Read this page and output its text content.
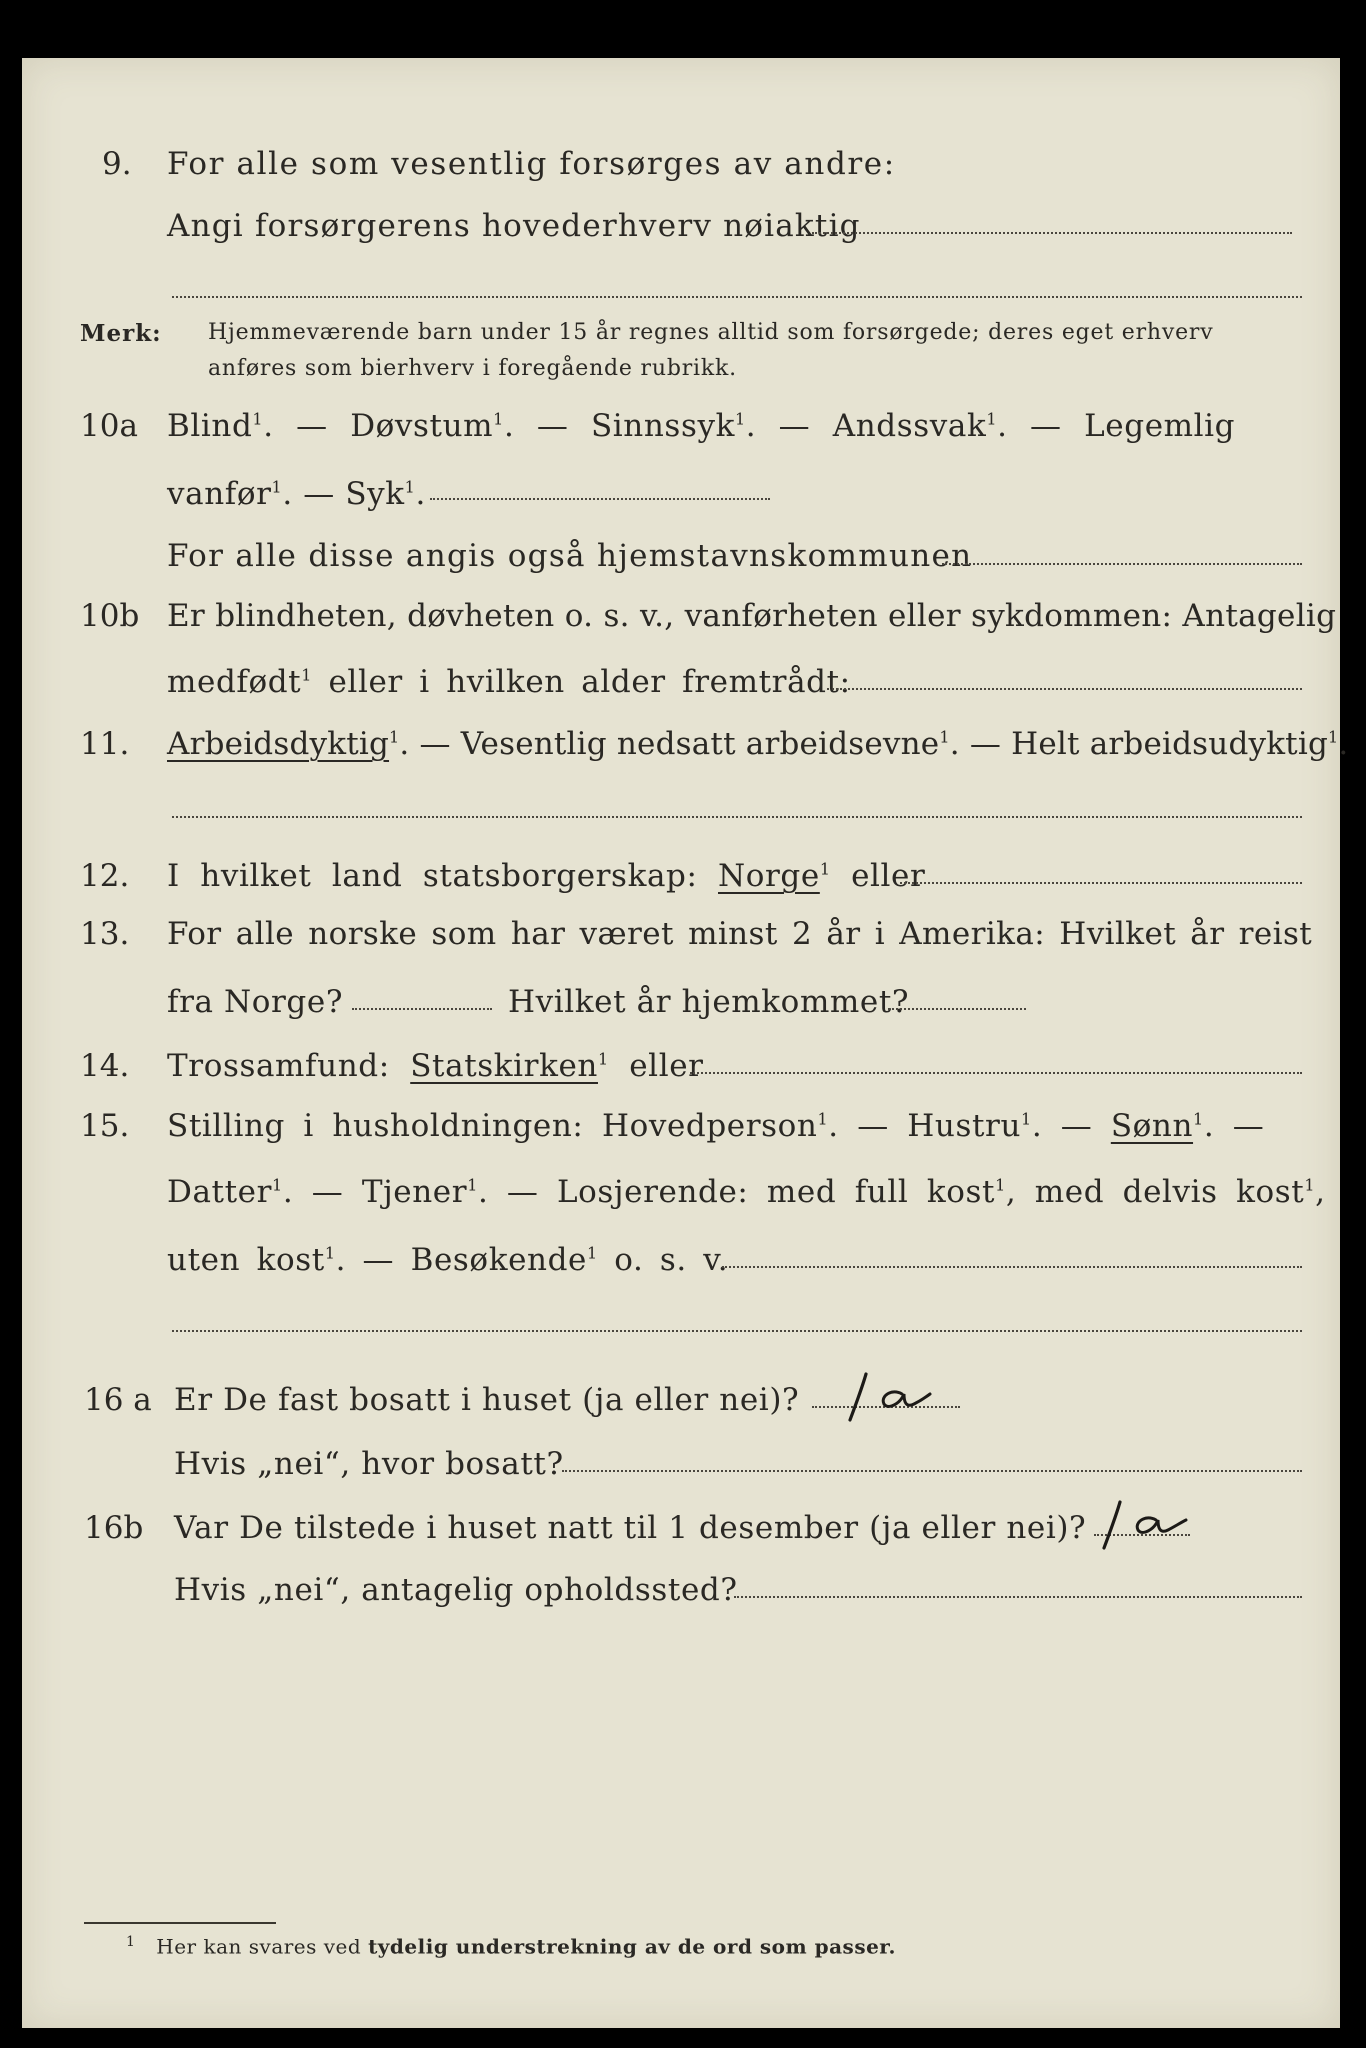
9. For alle som vesentlig forsørges av andre:
Angi forsørgerens hovederhverv nøiaktig
Merk: Hjemmeværende barn under 15 år regnes alltid som forsørgede; deres eget erhverv
anføres som bierhverv i foregående rubrikk.
10a Blind$^1$. — Døvstum$^1$. — Sinnssyk$^1$. — Andssvak$^1$. — Legemlig
vanfør$^1$. — Syk$^1$.
For alle disse angis også hjemstavnskommunen
10b Er blindheten, døvheten o. s. v., vanførheten eller sykdommen: Antagelig
medfødt$^1$ eller i hvilken alder fremtrådt:
11. Arbeidsdyktig$^1$. — Vesentlig nedsatt arbeidsevne$^1$. — Helt arbeidsudyktig$^1$.
12. I hvilket land statsborgerskap: Norge$^1$ eller
13. For alle norske som har været minst 2 år i Amerika: Hvilket år reist
fra Norge?	Hvilket år hjemkommet?
14. Trossamfund: Statskirken$^1$ eller
15. Stilling i husholdningen: Hovedperson$^1$. — Hustru$^1$. — Sønn$^1$. —
Datter$^1$. — Tjener$^1$. — Losjerende: med full kost$^1$, med delvis kost$^1$,
uten kost$^1$. — Besøkende$^1$ o. s. v.
16 a Er De fast bosatt i huset (ja eller nei)?
Hvis „nei“, hvor bosatt?
16b Var De tilstede i huset natt til 1 desember (ja eller nei)?
Hvis „nei“, antagelig opholdssted?
$^1$ Her kan svares ved tydelig understrekning av de ord som passer.
